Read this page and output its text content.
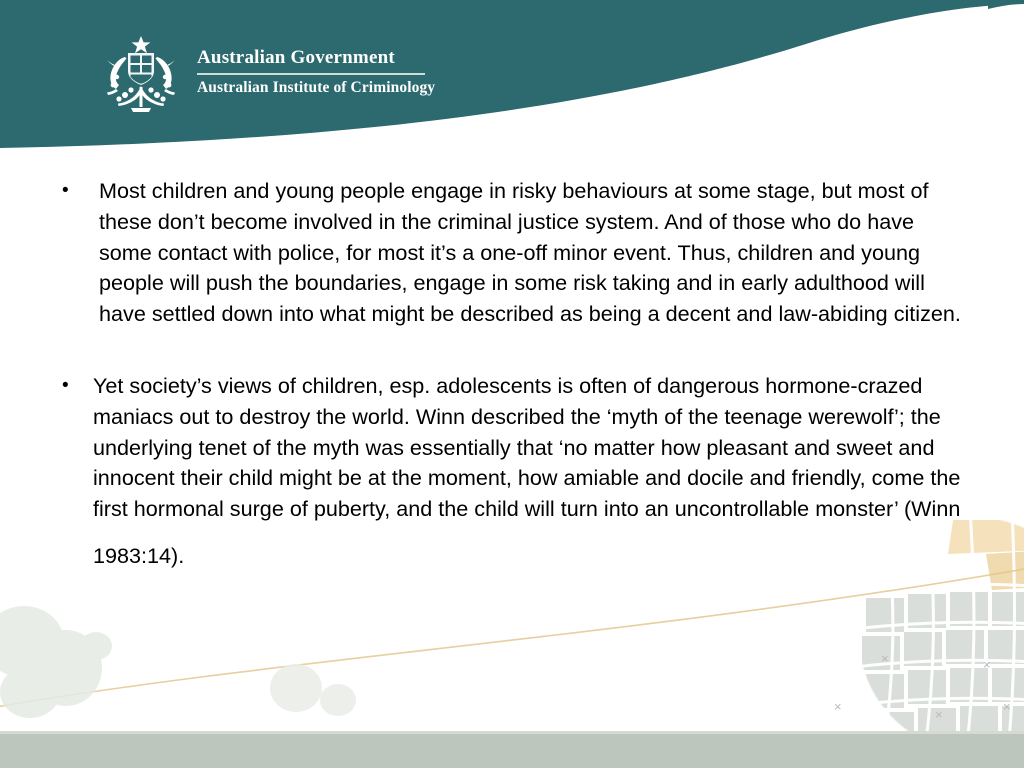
×
×
×
×
×
Australian Government
Australian Institute of Criminology
•	Most children and young people engage in risky behaviours at some stage, but most of these don’t become involved in the criminal justice system. And of those who do have some contact with police, for most it’s a one-off minor event. Thus, children and young people will push the boundaries, engage in some risk taking and in early adulthood will have settled down into what might be described as being a decent and law-abiding citizen.
•	Yet society’s views of children, esp. adolescents is often of dangerous hormone-crazed maniacs out to destroy the world. Winn described the ‘myth of the teenage werewolf’; the underlying tenet of the myth was essentially that ‘no matter how pleasant and sweet and innocent their child might be at the moment, how amiable and docile and friendly, come the first hormonal surge of puberty, and the child will turn into an uncontrollable monster’ (Winn
1983:14).
